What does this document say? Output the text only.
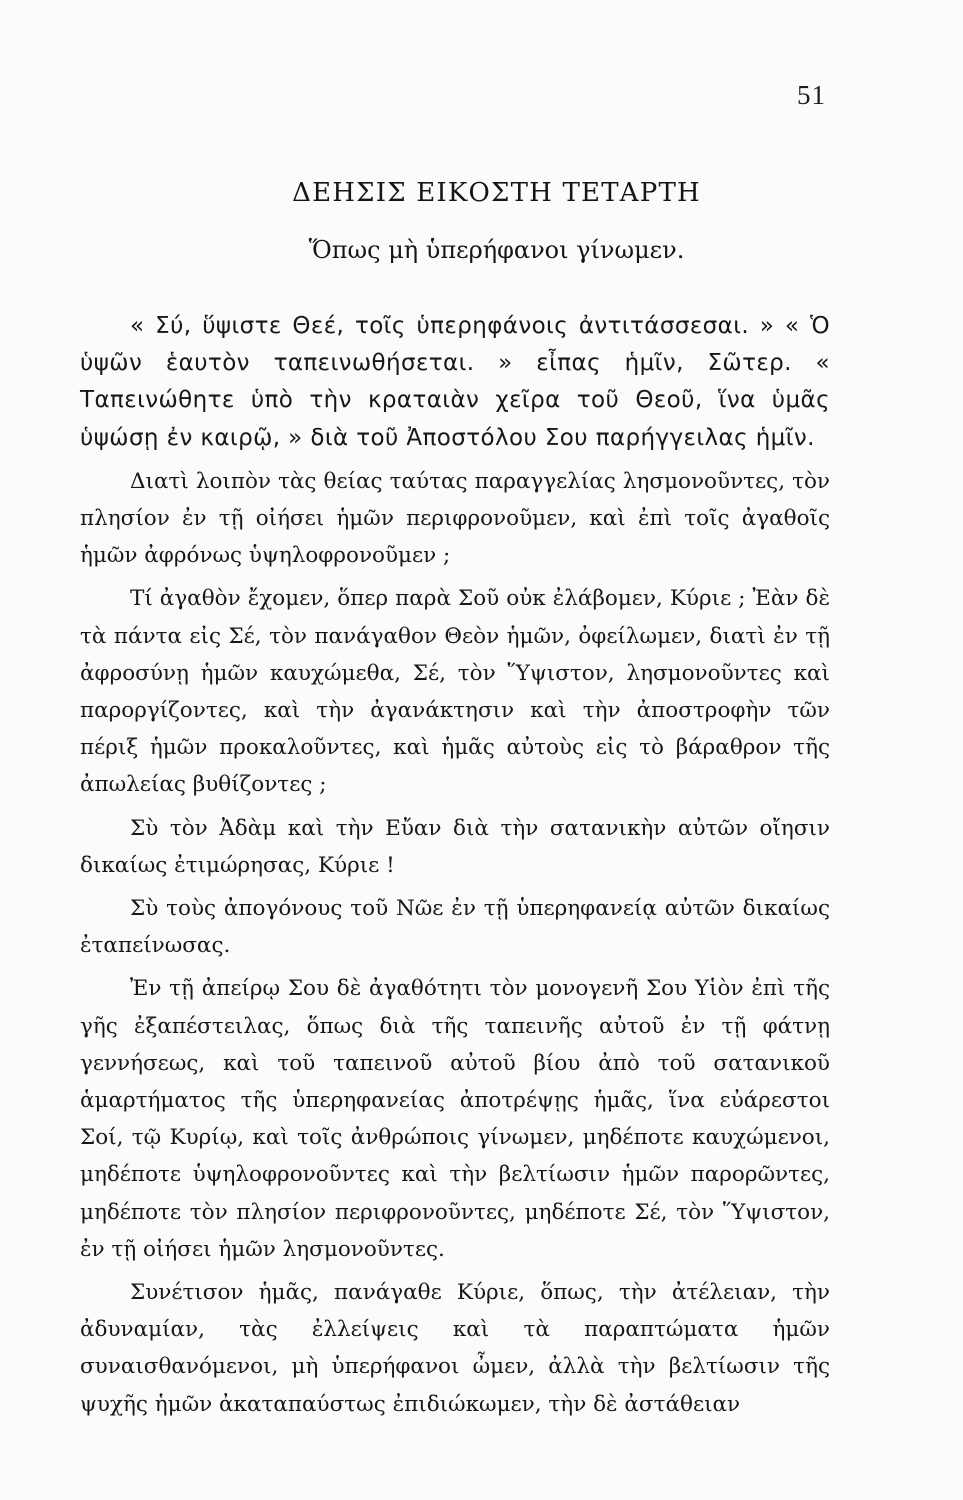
51
ΔΕΗΣΙΣ ΕΙΚΟΣΤΗ ΤΕΤΑΡΤΗ
Ὅπως μὴ ὑπερήφανοι γίνωμεν.

« Σύ, ὕψιστε Θεέ, τοῖς ὑπερηφάνοις ἀντιτάσσεσαι. » « Ὁ ὑψῶν ἑαυτὸν ταπεινωθήσεται. » εἶπας ἡμῖν, Σῶτερ. « Ταπεινώθητε ὑπὸ τὴν κραταιὰν χεῖρα τοῦ Θεοῦ, ἵνα ὑμᾶς ὑψώσῃ ἐν καιρῷ, » διὰ τοῦ Ἀποστόλου Σου παρήγγειλας ἡμῖν.

Διατὶ λοιπὸν τὰς θείας ταύτας παραγγελίας λησμονοῦντες, τὸν πλησίον ἐν τῇ οἰήσει ἡμῶν περιφρονοῦμεν, καὶ ἐπὶ τοῖς ἀγαθοῖς ἡμῶν ἀφρόνως ὑψηλοφρονοῦμεν ;

Τί ἀγαθὸν ἔχομεν, ὅπερ παρὰ Σοῦ οὐκ ἐλάβομεν, Κύριε ; Ἐὰν δὲ τὰ πάντα εἰς Σέ, τὸν πανάγαθον Θεὸν ἡμῶν, ὀφείλωμεν, διατὶ ἐν τῇ ἀφροσύνῃ ἡμῶν καυχώμεθα, Σέ, τὸν Ὕψιστον, λησμονοῦντες καὶ παροργίζοντες, καὶ τὴν ἀγανάκτησιν καὶ τὴν ἀποστροφὴν τῶν πέριξ ἡμῶν προκαλοῦντες, καὶ ἡμᾶς αὐτοὺς εἰς τὸ βάραθρον τῆς ἀπωλείας βυθίζοντες ;

Σὺ τὸν Ἀδὰμ καὶ τὴν Εὔαν διὰ τὴν σατανικὴν αὐτῶν οἴησιν δικαίως ἐτιμώρησας, Κύριε !

Σὺ τοὺς ἀπογόνους τοῦ Νῶε ἐν τῇ ὑπερηφανείᾳ αὐτῶν δικαίως ἐταπείνωσας.

Ἐν τῇ ἀπείρῳ Σου δὲ ἀγαθότητι τὸν μονογενῆ Σου Υἱὸν ἐπὶ τῆς γῆς ἐξαπέστειλας, ὅπως διὰ τῆς ταπεινῆς αὐτοῦ ἐν τῇ φάτνῃ γεννήσεως, καὶ τοῦ ταπεινοῦ αὐτοῦ βίου ἀπὸ τοῦ σατανικοῦ ἁμαρτήματος τῆς ὑπερηφανείας ἀποτρέψῃς ἡμᾶς, ἵνα εὐάρεστοι Σοί, τῷ Κυρίῳ, καὶ τοῖς ἀνθρώποις γίνωμεν, μηδέποτε καυχώμενοι, μηδέποτε ὑψηλοφρονοῦντες καὶ τὴν βελτίωσιν ἡμῶν παρορῶντες, μηδέποτε τὸν πλησίον περιφρονοῦντες, μηδέποτε Σέ, τὸν Ὕψιστον, ἐν τῇ οἰήσει ἡμῶν λησμονοῦντες.

Συνέτισον ἡμᾶς, πανάγαθε Κύριε, ὅπως, τὴν ἀτέλειαν, τὴν ἀδυναμίαν, τὰς ἐλλείψεις καὶ τὰ παραπτώματα ἡμῶν συναισθανόμενοι, μὴ ὑπερήφανοι ὦμεν, ἀλλὰ τὴν βελτίωσιν τῆς ψυχῆς ἡμῶν ἀκαταπαύστως ἐπιδιώκωμεν, τὴν δὲ ἀστάθειαν
